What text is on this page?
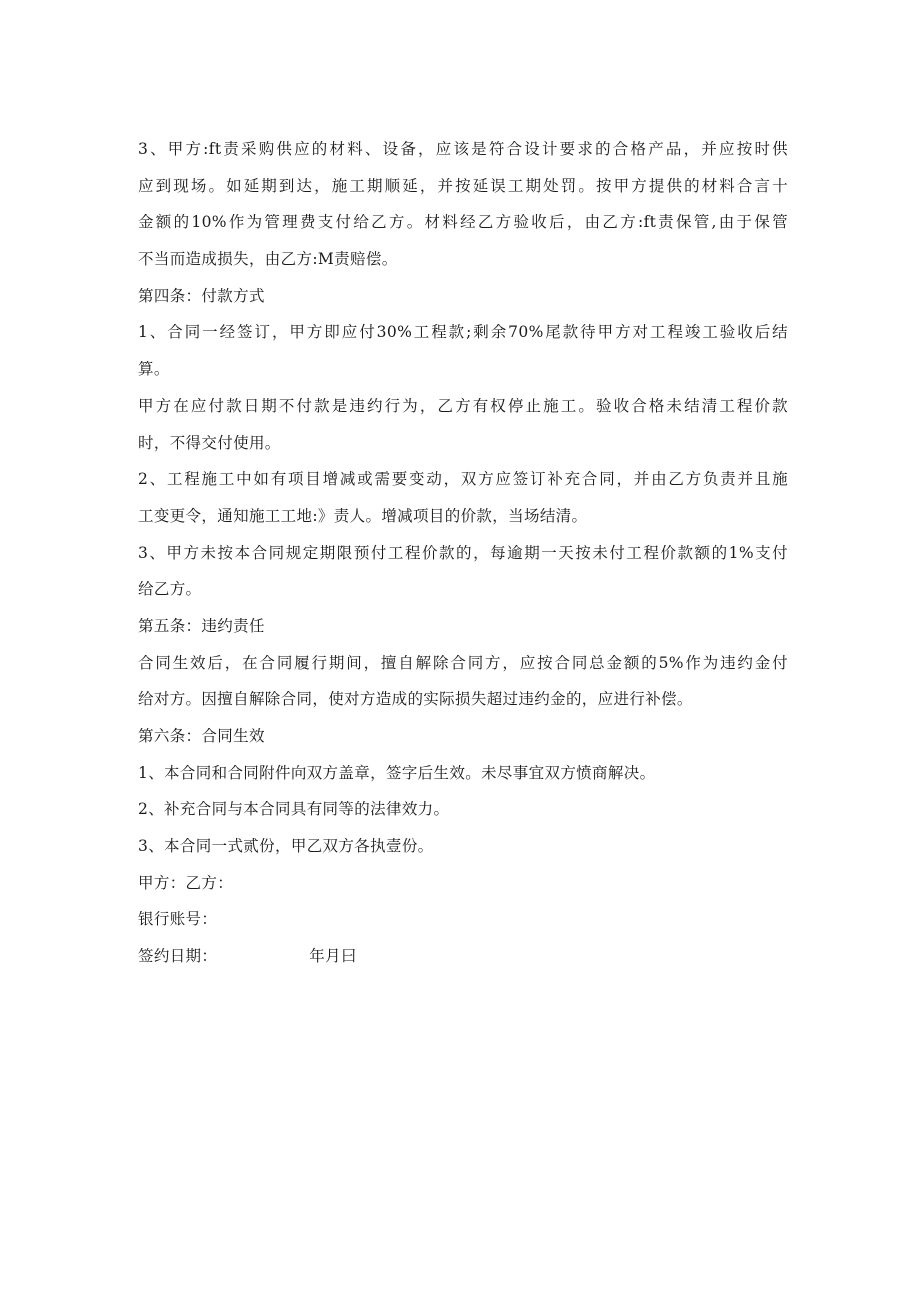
3、甲方:ft责采购供应的材料、设备，应该是符合设计要求的合格产品，并应按时供
应到现场。如延期到达，施工期顺延，并按延误工期处罚。按甲方提供的材料合言十
金额的10%作为管理费支付给乙方。材料经乙方验收后，由乙方:ft责保管,由于保管
不当而造成损失，由乙方:M责赔偿。
第四条：付款方式
1、合同一经签订，甲方即应付30%工程款;剩余70%尾款待甲方对工程竣工验收后结
算。
甲方在应付款日期不付款是违约行为，乙方有权停止施工。验收合格未结清工程价款
时，不得交付使用。
2、工程施工中如有项目增减或需要变动，双方应签订补充合同，并由乙方负责并且施
工变更令，通知施工工地:》责人。增减项目的价款，当场结清。
3、甲方未按本合同规定期限预付工程价款的，每逾期一天按未付工程价款额的1%支付
给乙方。
第五条：违约责任
合同生效后，在合同履行期间，擅自解除合同方，应按合同总金额的5%作为违约金付
给对方。因擅自解除合同，使对方造成的实际损失超过违约金的，应进行补偿。
第六条：合同生效
1、本合同和合同附件向双方盖章，签字后生效。未尽事宜双方愤商解决。
2、补充合同与本合同具有同等的法律效力。
3、本合同一式贰份，甲乙双方各执壹份。
甲方：乙方：
银行账号：
签约日期：	年月曰
